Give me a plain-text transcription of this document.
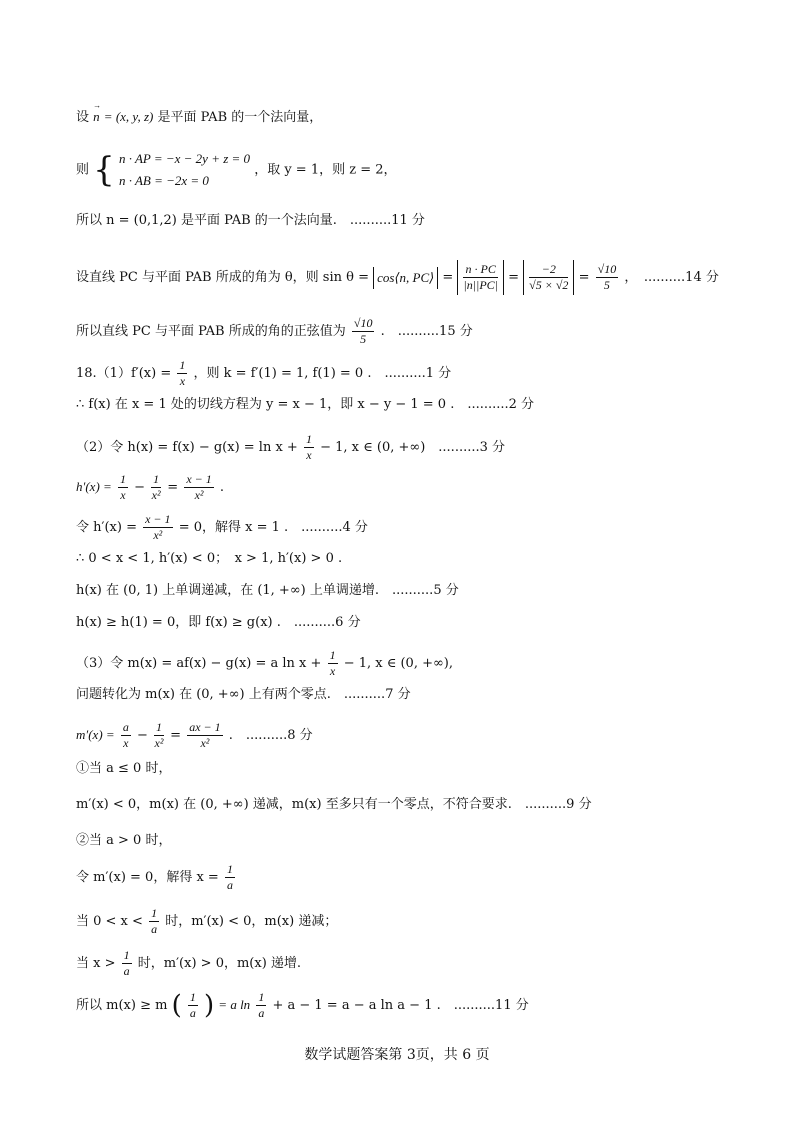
设 → n = (x, y, z) 是平面 PAB 的一个法向量，
则 { n · AP = −x − 2y + z = 0
n · AB = −2x = 0
，取 y = 1，则 z = 2，
所以 n = (0,1,2) 是平面 PAB 的一个法向量.　..........11 分
设直线 PC 与平面 PAB 所成的角为 θ，则 sin θ = cos⟨n, PC⟩ = $\frac{n \cdot PC}{|n||PC|} = \frac{-2}{√5 \times √2} = \frac{√10}{5}$ ，　..........14 分
所以直线 PC 与平面 PAB 所成的角的正弦值为 $\frac{√10}{5}$ .　..........15 分
$18.(1)f'(x) = \frac{1}{x}$ ，则 k = f′(1) = 1, f(1) = 0 .　..........1 分
∴ f(x) 在 x = 1 处的切线方程为 y = x − 1，即 x − y − 1 = 0 .　..........2 分
（2）令 $h(x) = f(x) - g(x) = \ln x + \frac{1}{x} - 1$, x ∈ (0, +∞)　..........3 分
$h'(x) = \frac{1}{x} - \frac{1}{\text{x²}} = \frac{x - 1}{\text{x²}}$ .
令 $h'(x) = \frac{x - 1}{\text{x²}} = 0$，解得 x = 1 .　..........4 分
∴ 0 < x < 1, h′(x) < 0；　x > 1, h′(x) > 0 .
h(x) 在 (0, 1) 上单调递减，在 (1, +∞) 上单调递增.　..........5 分
h(x) ≥ h(1) = 0，即 f(x) ≥ g(x) .　..........6 分
（3）令 m(x) = af(x) − g(x) = a $\ln x + \frac{1}{x} - 1$, x ∈ (0, +∞),
问题转化为 m(x) 在 (0, +∞) 上有两个零点.　..........7 分
$m'(x) = \frac{a}{x} - \frac{1}{\text{x²}} = \frac{ax - 1}{\text{x²}}$ .　..........8 分
①当 a ≤ 0 时，
m′(x) < 0，m(x) 在 (0, +∞) 递减，m(x) 至多只有一个零点，不符合要求.　..........9 分
②当 a > 0 时，
令 m′(x) = 0，解得 $x = \frac{1}{a}$
当 $0 < x < \frac{1}{a}$ 时，m′(x) < 0，m(x) 递减；
当 $x > \frac{1}{a}$ 时，m′(x) > 0，m(x) 递增.
所以 m(x) ≥ m ( $\frac{1}{a}$ ) = a $\ln \frac{1}{a} + a - 1 = a - a$ ln a − 1 .　..........11 分
数学试题答案第 3页，共 6 页
